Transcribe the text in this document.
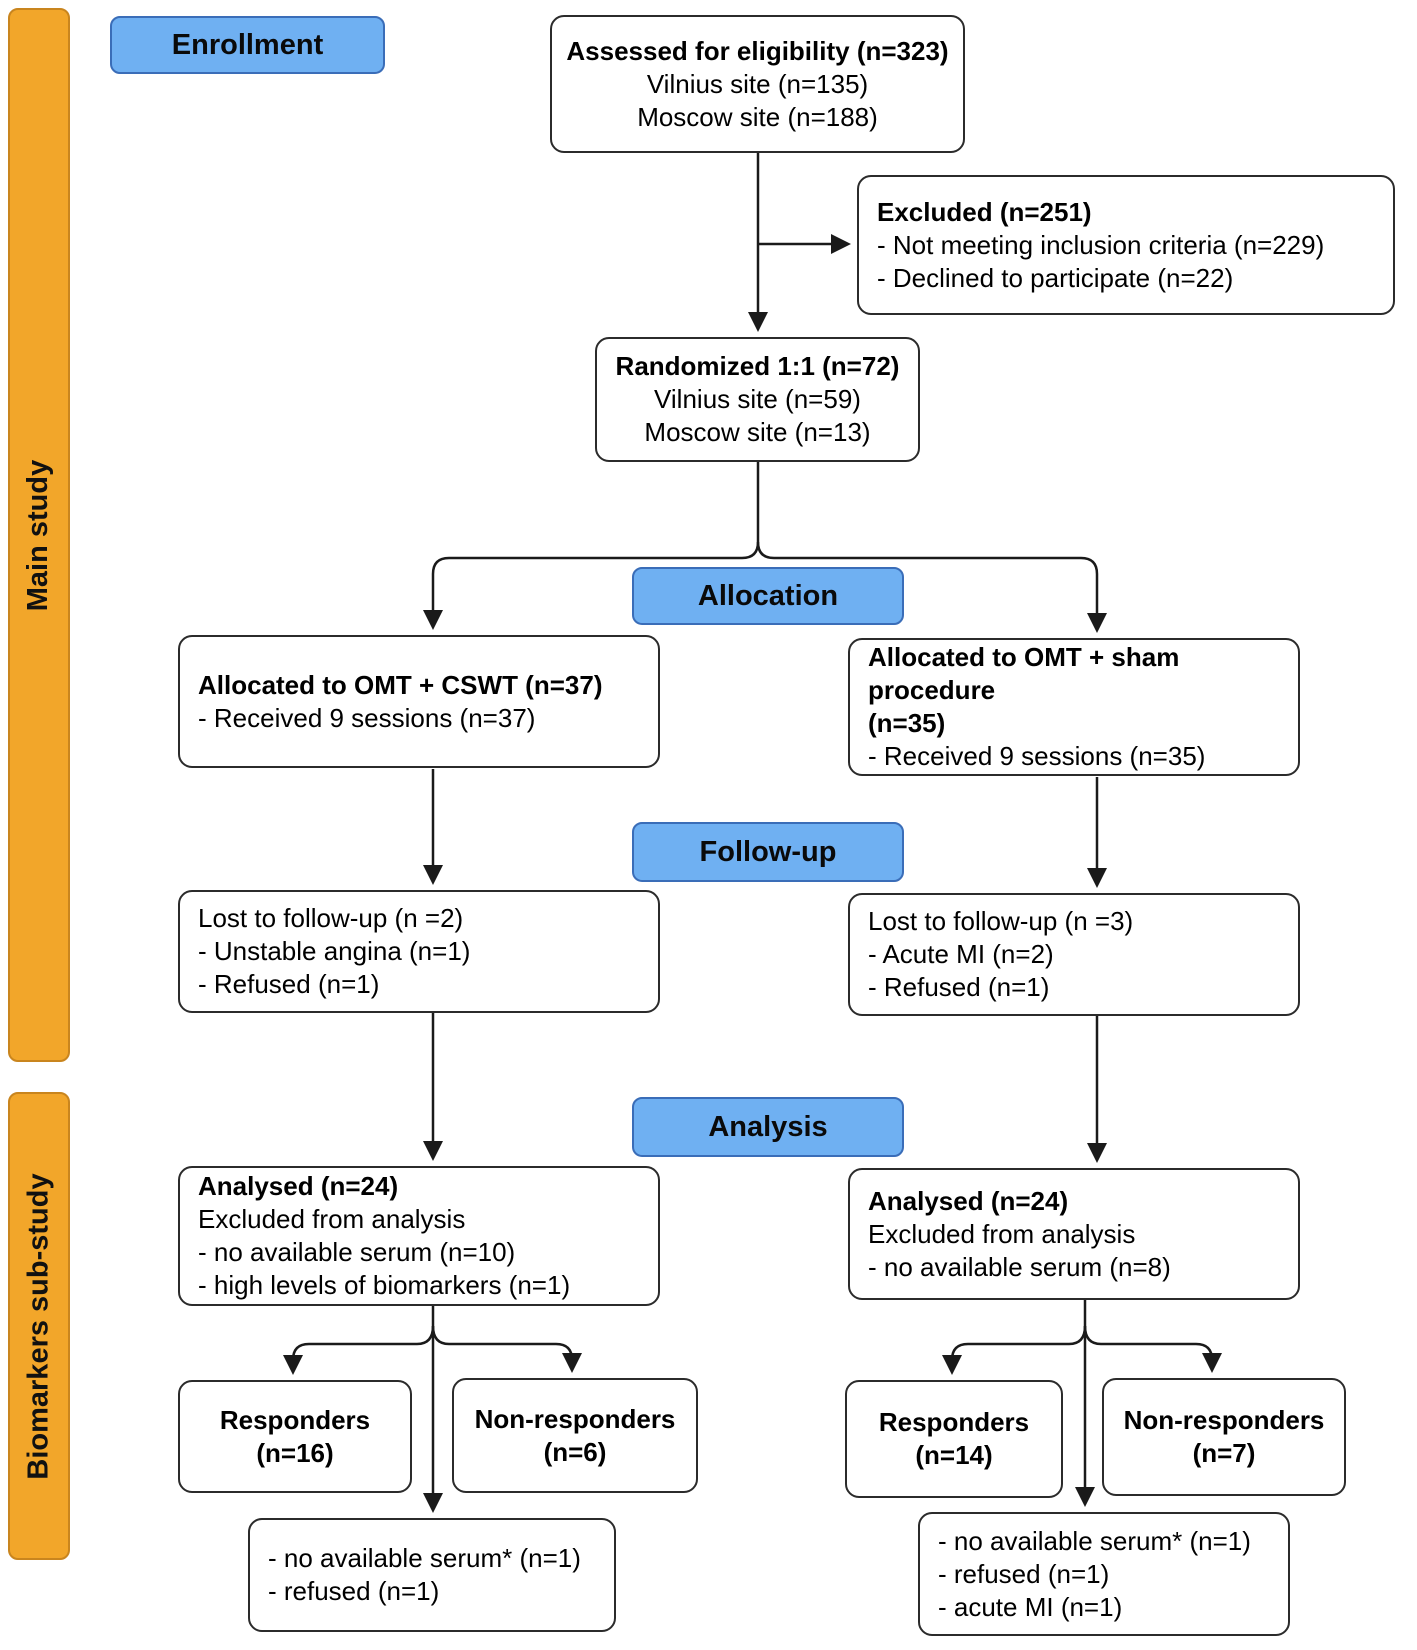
Main study
Biomarkers sub-study
Enrollment
Allocation
Follow-up
Analysis
Assessed for eligibility (n=323)
Vilnius site (n=135)
Moscow site (n=188)
Excluded (n=251)
- Not meeting inclusion criteria (n=229)
- Declined to participate (n=22)
Randomized 1:1 (n=72)
Vilnius site (n=59)
Moscow site (n=13)
Allocated to OMT + CSWT (n=37)
- Received 9 sessions (n=37)
Allocated to OMT + sham procedure
(n=35)
- Received 9 sessions (n=35)
Lost to follow-up (n =2)
- Unstable angina (n=1)
- Refused (n=1)
Lost to follow-up (n =3)
- Acute MI (n=2)
- Refused (n=1)
Analysed (n=24)
Excluded from analysis
- no available serum (n=10)
- high levels of biomarkers (n=1)
Analysed (n=24)
Excluded from analysis
- no available serum (n=8)
Responders
(n=16)
Non-responders
(n=6)
- no available serum* (n=1)
- refused (n=1)
Responders
(n=14)
Non-responders
(n=7)
- no available serum* (n=1)
- refused (n=1)
- acute MI (n=1)
